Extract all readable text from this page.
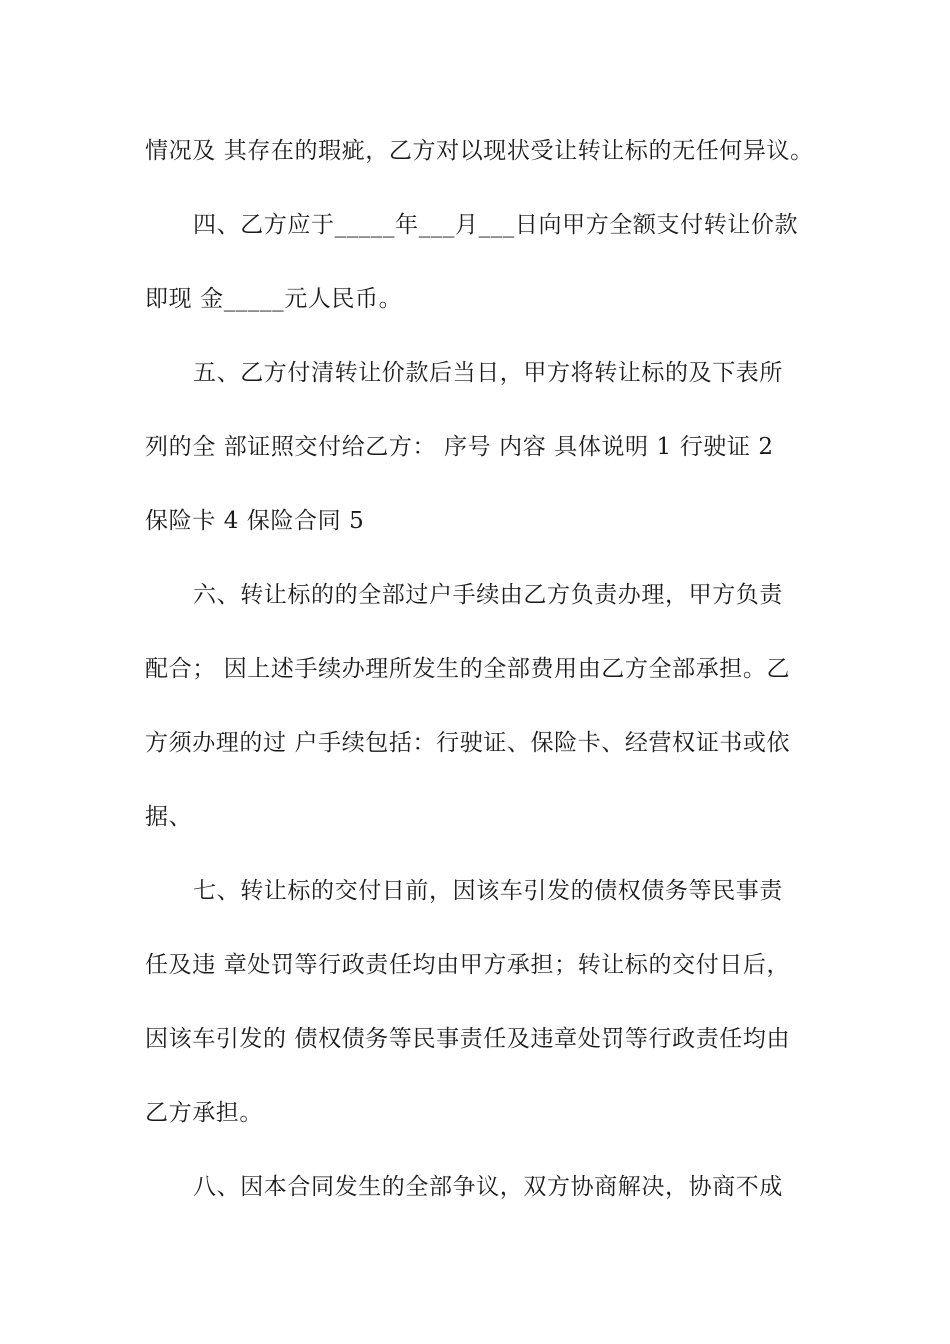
情况及 其存在的瑕疵，乙方对以现状受让转让标的无任何异议。
四、乙方应于_____年___月___日向甲方全额支付转让价款
即现 金_____元人民币。
五、乙方付清转让价款后当日，甲方将转让标的及下表所
列的全 部证照交付给乙方： 序号 内容 具体说明 1 行驶证 2
保险卡 4 保险合同 5
六、转让标的的全部过户手续由乙方负责办理，甲方负责
配合； 因上述手续办理所发生的全部费用由乙方全部承担。乙
方须办理的过 户手续包括：行驶证、保险卡、经营权证书或依
据、
七、转让标的交付日前，因该车引发的债权债务等民事责
任及违 章处罚等行政责任均由甲方承担；转让标的交付日后，
因该车引发的 债权债务等民事责任及违章处罚等行政责任均由
乙方承担。
八、因本合同发生的全部争议，双方协商解决，协商不成
